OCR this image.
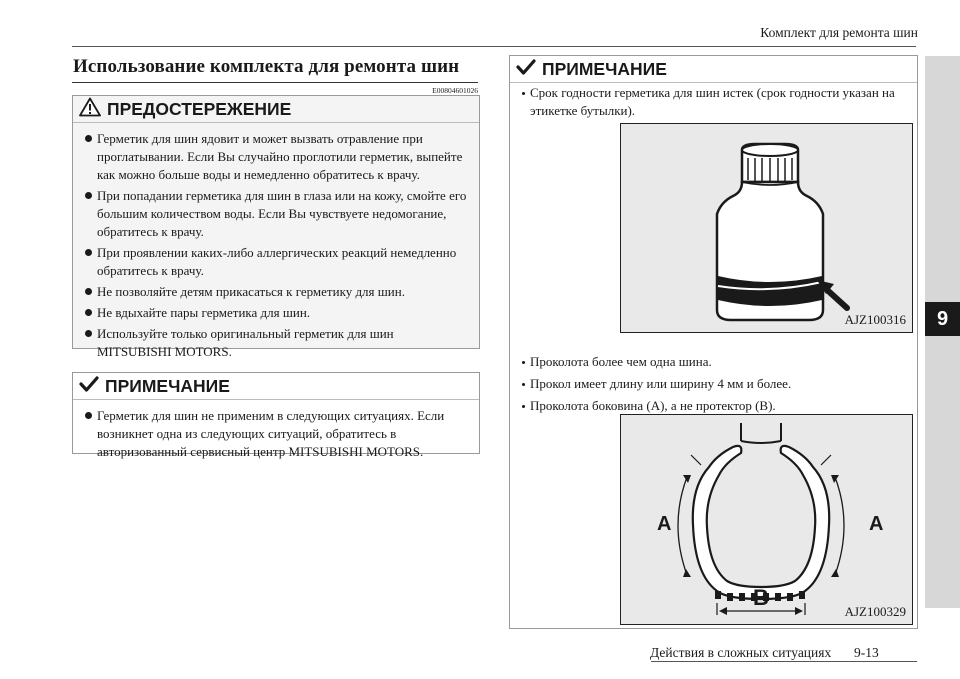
Комплект для ремонта шин
9
Использование комплекта для ремонта шин
E00804601026
ПРЕДОСТЕРЕЖЕНИЕ
Герметик для шин ядовит и может вызвать отравление при проглатывании. Если Вы случайно проглотили герметик, выпейте как можно больше воды и немедленно обратитесь к врачу.
При попадании герметика для шин в глаза или на кожу, смойте его большим количеством воды. Если Вы чувствуете недомогание, обратитесь к врачу.
При проявлении каких-либо аллергических реакций немедленно обратитесь к врачу.
Не позволяйте детям прикасаться к герметику для шин.
Не вдыхайте пары герметика для шин.
Используйте только оригинальный герметик для шин MITSUBISHI MOTORS.
ПРИМЕЧАНИЕ
Герметик для шин не применим в следующих ситуациях. Если возникнет одна из следующих ситуаций, обратитесь в авторизованный сервисный центр MITSUBISHI MOTORS.
ПРИМЕЧАНИЕ
Срок годности герметика для шин истек (срок годности указан на этикетке бутылки).
AJZ100316
Проколота более чем одна шина.
Прокол имеет длину или ширину 4 мм и более.
Проколота боковина (A), а не протектор (B).
A	A
B
AJZ100329
Действия в сложных ситуациях 9-13
